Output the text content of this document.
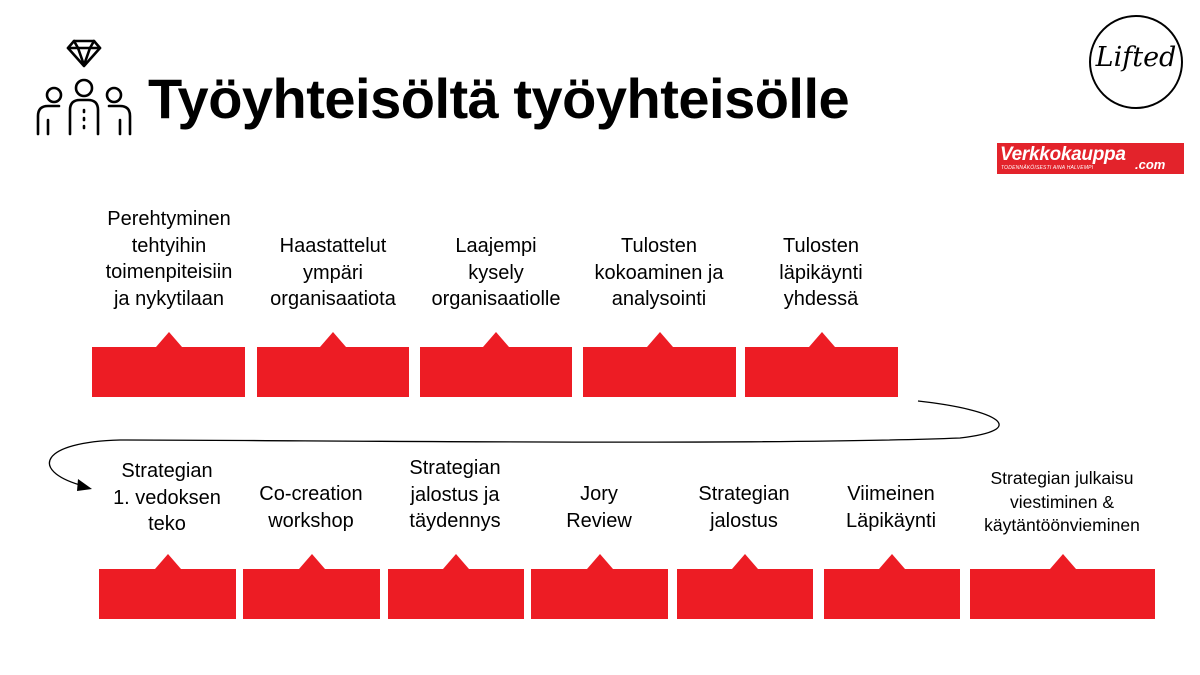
Työyhteisöltä työyhteisölle
Lifted
Verkkokauppa .com
TODENNÄKÖISESTI AINA HALVEMPI
Perehtyminen
tehtyihin
toimenpiteisiin
ja nykytilaan
Haastattelut
ympäri
organisaatiota
Laajempi
kysely
organisaatiolle
Tulosten
kokoaminen ja
analysointi
Tulosten
läpikäynti
yhdessä
Strategian
1. vedoksen
teko
Co-creation
workshop
Strategian
jalostus ja
täydennys
Jory
Review
Strategian
jalostus
Viimeinen
Läpikäynti
Strategian julkaisu
viestiminen &
käytäntöönvieminen
